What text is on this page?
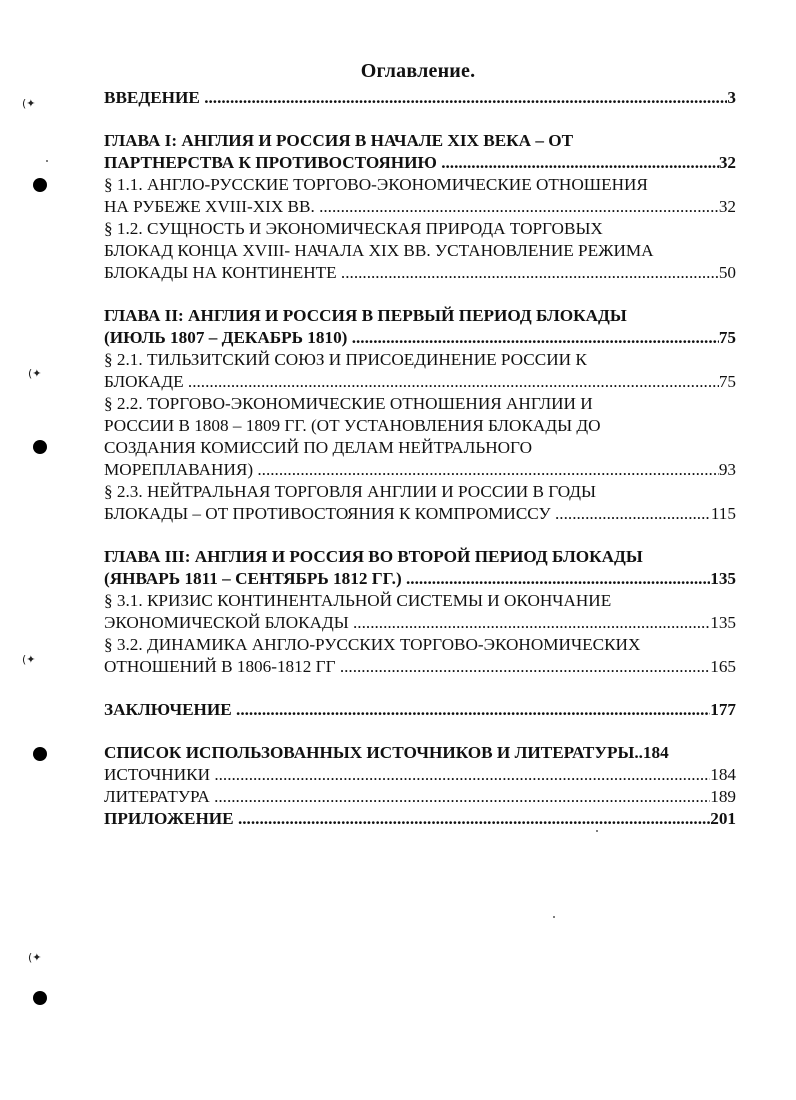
Оглавление.
ВВЕДЕНИЕ .....	3
ГЛАВА I: АНГЛИЯ И РОССИЯ В НАЧАЛЕ XIX ВЕКА – ОТ
ПАРТНЕРСТВА К ПРОТИВОСТОЯНИЮ .....	32
§ 1.1. АНГЛО-РУССКИЕ ТОРГОВО-ЭКОНОМИЧЕСКИЕ ОТНОШЕНИЯ
НА РУБЕЖЕ XVIII-XIX ВВ. .....	32
§ 1.2. СУЩНОСТЬ И ЭКОНОМИЧЕСКАЯ ПРИРОДА ТОРГОВЫХ
БЛОКАД КОНЦА XVIII- НАЧАЛА XIX ВВ. УСТАНОВЛЕНИЕ РЕЖИМА
БЛОКАДЫ НА КОНТИНЕНТЕ .....	50
ГЛАВА II: АНГЛИЯ И РОССИЯ В ПЕРВЫЙ ПЕРИОД БЛОКАДЫ
(ИЮЛЬ 1807 – ДЕКАБРЬ 1810) .....	75
§ 2.1. ТИЛЬЗИТСКИЙ СОЮЗ И ПРИСОЕДИНЕНИЕ РОССИИ К
БЛОКАДЕ .....	75
§ 2.2. ТОРГОВО-ЭКОНОМИЧЕСКИЕ ОТНОШЕНИЯ АНГЛИИ И
РОССИИ В 1808 – 1809 ГГ. (ОТ УСТАНОВЛЕНИЯ БЛОКАДЫ ДО
СОЗДАНИЯ КОМИССИЙ ПО ДЕЛАМ НЕЙТРАЛЬНОГО
МОРЕПЛАВАНИЯ) .....	93
§ 2.3. НЕЙТРАЛЬНАЯ ТОРГОВЛЯ АНГЛИИ И РОССИИ В ГОДЫ
БЛОКАДЫ – ОТ ПРОТИВОСТОЯНИЯ К КОМПРОМИССУ .....	115
ГЛАВА III: АНГЛИЯ И РОССИЯ ВО ВТОРОЙ ПЕРИОД БЛОКАДЫ
(ЯНВАРЬ 1811 – СЕНТЯБРЬ 1812 ГГ.) .....	135
§ 3.1. КРИЗИС КОНТИНЕНТАЛЬНОЙ СИСТЕМЫ И ОКОНЧАНИЕ
ЭКОНОМИЧЕСКОЙ БЛОКАДЫ .....	135
§ 3.2. ДИНАМИКА АНГЛО-РУССКИХ ТОРГОВО-ЭКОНОМИЧЕСКИХ
ОТНОШЕНИЙ В 1806-1812 ГГ .....	165
ЗАКЛЮЧЕНИЕ .....	177
СПИСОК ИСПОЛЬЗОВАННЫХ ИСТОЧНИКОВ И ЛИТЕРАТУРЫ.. 184
ИСТОЧНИКИ .....	184
ЛИТЕРАТУРА .....	189
ПРИЛОЖЕНИЕ .....	201
(✦
(✦
(✦
(✦
